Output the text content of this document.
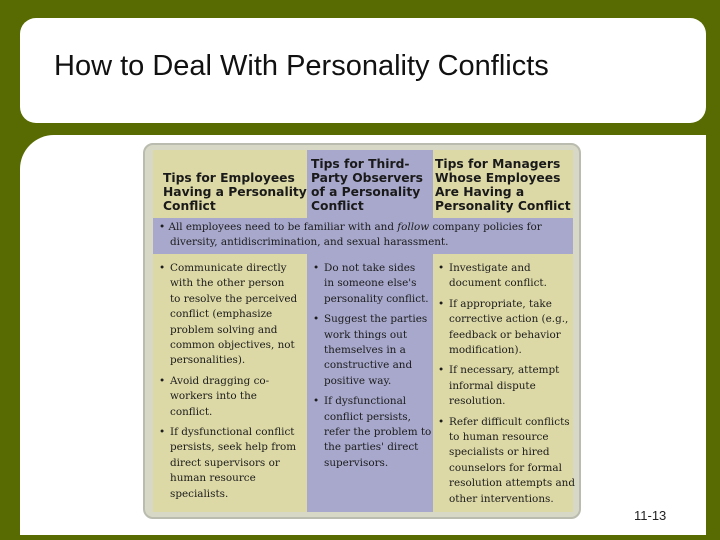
How to Deal With Personality Conflicts
Tips for Employees
Having a Personality
Conflict
Tips for Third-
Party Observers
of a Personality
Conflict
Tips for Managers
Whose Employees
Are Having a
Personality Conflict
• All employees need to be familiar with and follow company policies for
diversity, antidiscrimination, and sexual harassment.
• Communicate directly
with the other person
to resolve the perceived
conflict (emphasize
problem solving and
common objectives, not
personalities).
• Avoid dragging co-
workers into the
conflict.
• If dysfunctional conflict
persists, seek help from
direct supervisors or
human resource
specialists.
• Do not take sides
in someone else's
personality conflict.
• Suggest the parties
work things out
themselves in a
constructive and
positive way.
• If dysfunctional
conflict persists,
refer the problem to
the parties' direct
supervisors.
• Investigate and
document conflict.
• If appropriate, take
corrective action (e.g.,
feedback or behavior
modification).
• If necessary, attempt
informal dispute
resolution.
• Refer difficult conflicts
to human resource
specialists or hired
counselors for formal
resolution attempts and
other interventions.
11-13
